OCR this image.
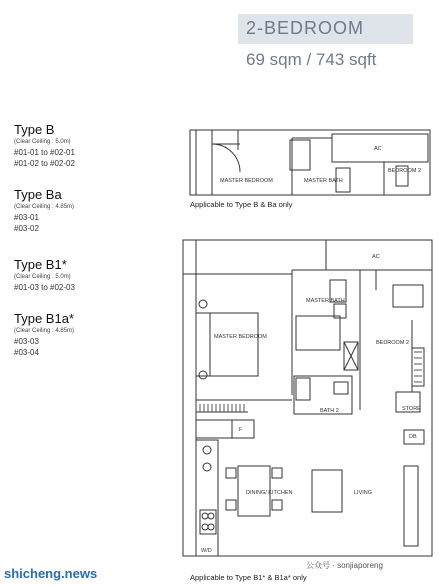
2-BEDROOM
69 sqm / 743 sqft

Type B

(Clear Ceiling : 5.0m)

#01-01 to #02-01

#01-02 to #02-02

Type Ba

(Clear Ceiling : 4.85m)

#03-01

#03-02

Type B1*

(Clear Ceiling : 5.0m)

#01-03 to #02-03

Type B1a*

(Clear Ceiling : 4.85m)

#03-03

#03-04

AC
MASTER BEDROOM	MASTER BATH
BEDROOM 2
AC
MASTER BATH
MASTER BEDROOM
BEDROOM 2
BATH 2	STORE
DB
F
DINING/ KITCHEN	LIVING
W/D
Applicable to Type B & Ba only
Applicable to Type B1* & B1a* only
shicheng.news
公众号 · sonjiaporeng
